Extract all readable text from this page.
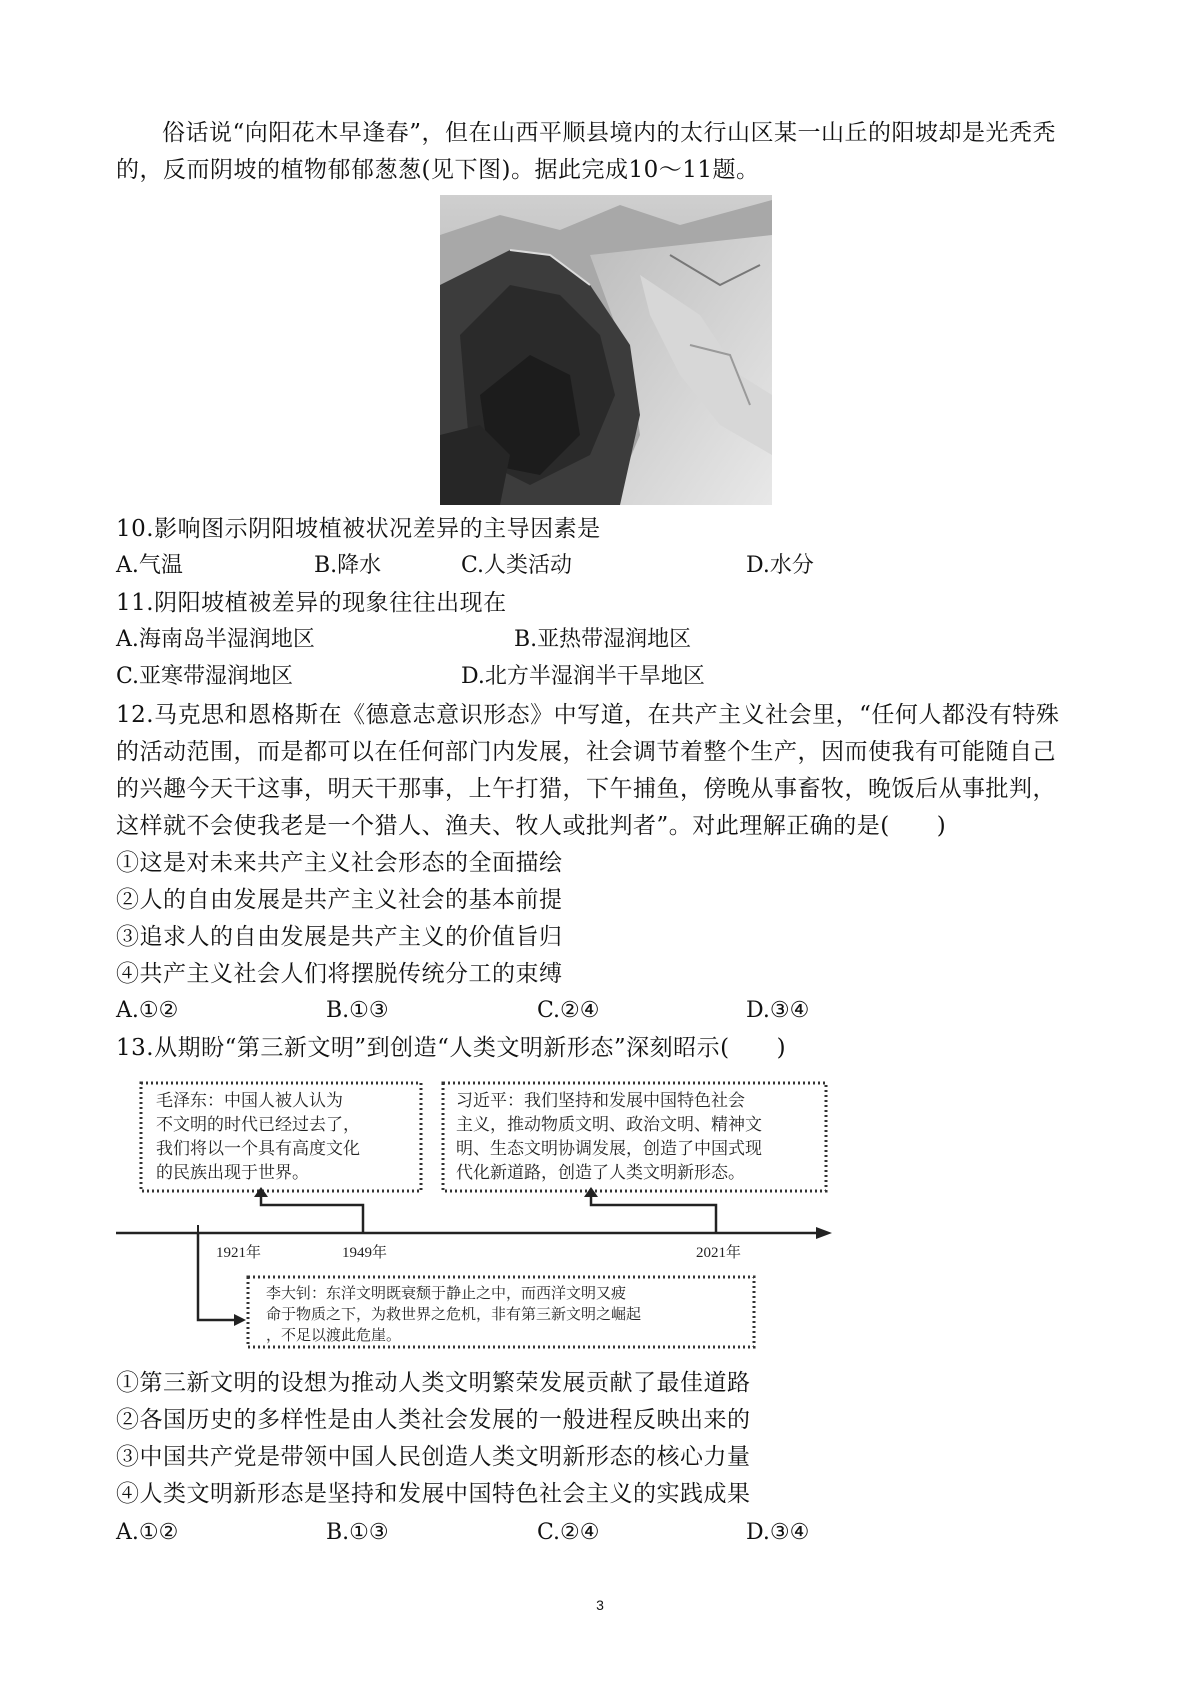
俗话说“向阳花木早逢春”，但在山西平顺县境内的太行山区某一山丘的阳坡却是光秃秃
的，反而阴坡的植物郁郁葱葱(见下图)。据此完成10～11题。
10.影响图示阴阳坡植被状况差异的主导因素是
A.气温	B.降水	C.人类活动	D.水分
11.阴阳坡植被差异的现象往往出现在
A.海南岛半湿润地区	B.亚热带湿润地区
C.亚寒带湿润地区	D.北方半湿润半干旱地区
12.马克思和恩格斯在《德意志意识形态》中写道，在共产主义社会里，“任何人都没有特殊
的活动范围，而是都可以在任何部门内发展，社会调节着整个生产，因而使我有可能随自己
的兴趣今天干这事，明天干那事，上午打猎，下午捕鱼，傍晚从事畜牧，晚饭后从事批判，
这样就不会使我老是一个猎人、渔夫、牧人或批判者”。对此理解正确的是(　　)
①这是对未来共产主义社会形态的全面描绘
②人的自由发展是共产主义社会的基本前提
③追求人的自由发展是共产主义的价值旨归
④共产主义社会人们将摆脱传统分工的束缚
A.①②	B.①③	C.②④	D.③④
13.从期盼“第三新文明”到创造“人类文明新形态”深刻昭示(　　)
毛泽东：中国人被人认为
不文明的时代已经过去了，
我们将以一个具有高度文化
的民族出现于世界。
习近平：我们坚持和发展中国特色社会
主义，推动物质文明、政治文明、精神文
明、生态文明协调发展，创造了中国式现
代化新道路，创造了人类文明新形态。
1921年	1949年	2021年
李大钊：东洋文明既衰颓于静止之中，而西洋文明又疲
命于物质之下，为救世界之危机，非有第三新文明之崛起
，不足以渡此危崖。
①第三新文明的设想为推动人类文明繁荣发展贡献了最佳道路
②各国历史的多样性是由人类社会发展的一般进程反映出来的
③中国共产党是带领中国人民创造人类文明新形态的核心力量
④人类文明新形态是坚持和发展中国特色社会主义的实践成果
A.①②	B.①③	C.②④	D.③④
3
